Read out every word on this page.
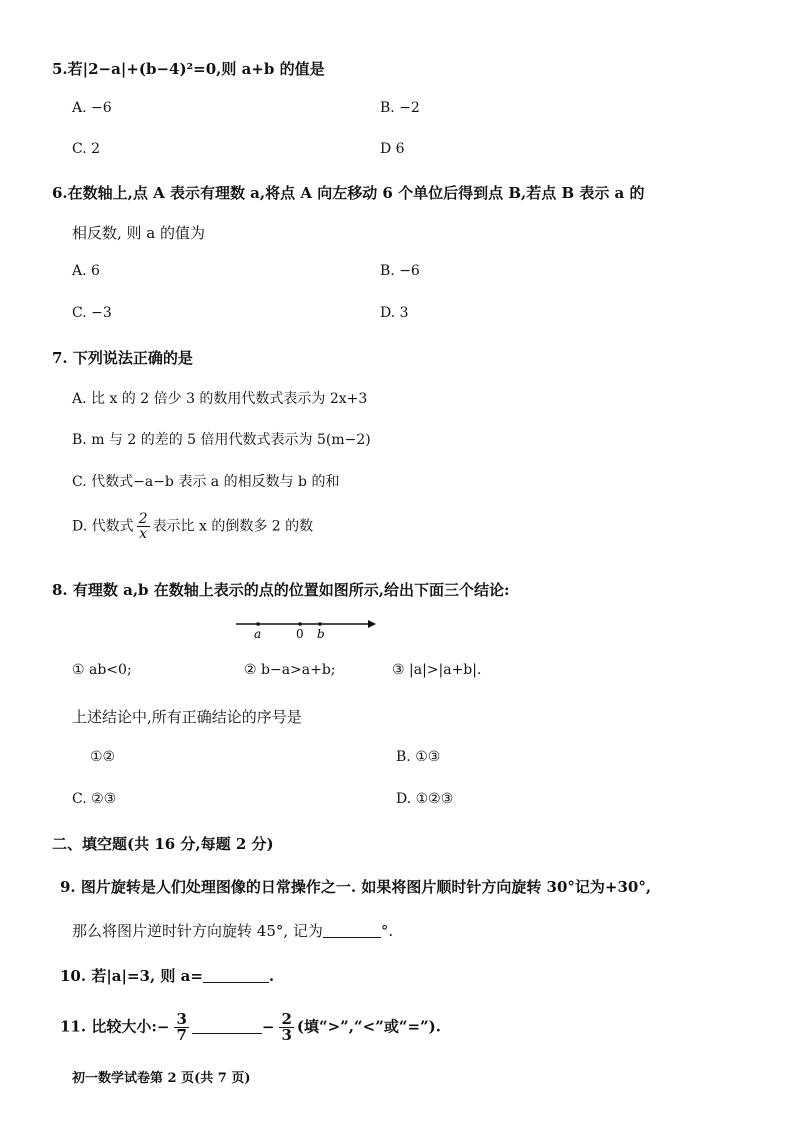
5.若|2−a|+(b−4)²=0,则 a+b 的值是
A. −6	B. −2
C. 2	D 6
6.在数轴上,点 A 表示有理数 a,将点 A 向左移动 6 个单位后得到点 B,若点 B 表示 a 的
相反数, 则 a 的值为
A. 6	B. −6
C. −3	D. 3
7. 下列说法正确的是
A. 比 x 的 2 倍少 3 的数用代数式表示为 2x+3
B. m 与 2 的差的 5 倍用代数式表示为 5(m−2)
C. 代数式−a−b 表示 a 的相反数与 b 的和
D. 代数式 $\frac{2}{x}$ 表示比 x 的倒数多 2 的数
8. 有理数 a,b 在数轴上表示的点的位置如图所示,给出下面三个结论:
a	0 b
① ab<0;	② b−a>a+b;	③ |a|>|a+b|.
上述结论中,所有正确结论的序号是
①②	B. ①③
C. ②③	D. ①②③
二、填空题(共 16 分,每题 2 分)
9. 图片旋转是人们处理图像的日常操作之一. 如果将图片顺时针方向旋转 30°记为+30°,
那么将图片逆时针方向旋转 45°, 记为	°.
10. 若|a|=3, 则 a=	.
11. 比较大小:− $\frac{3}{7}$	− $\frac{2}{3}$ (填“>”,“<”或“=”).
初一数学试卷第 2 页(共 7 页)
